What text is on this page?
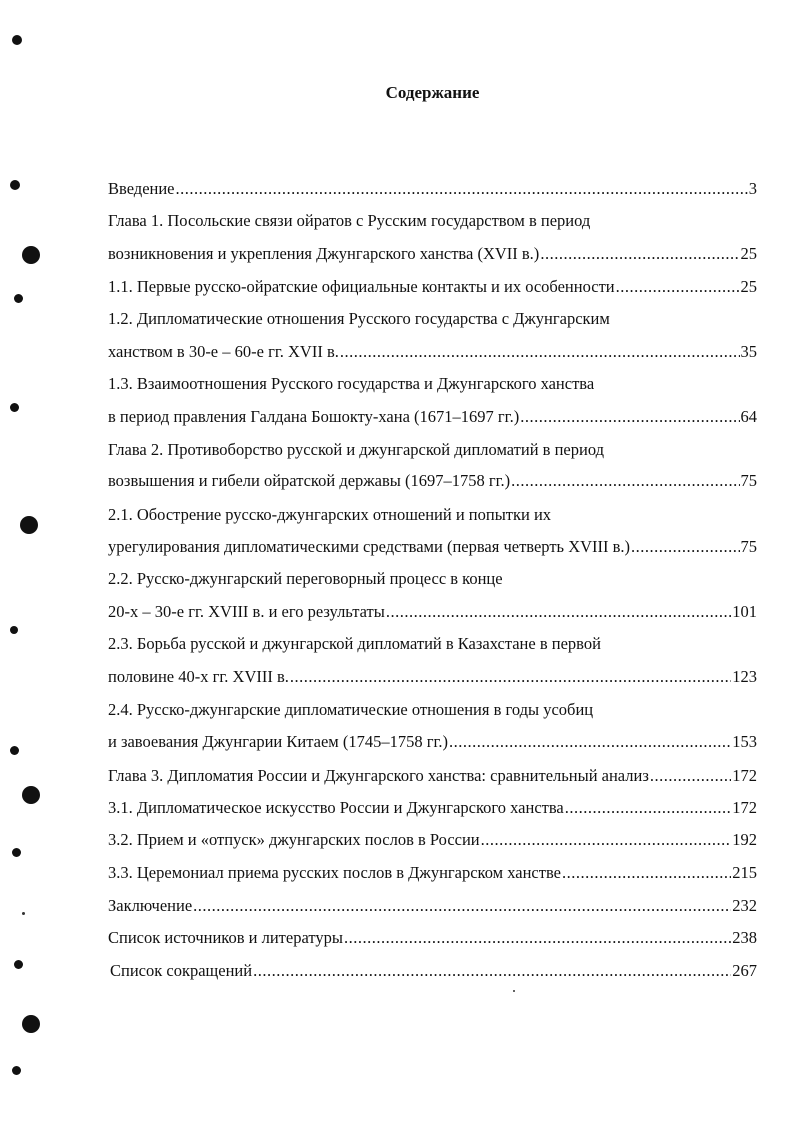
Содержание
Введение .....	3
Глава 1. Посольские связи ойратов с Русским государством в период
возникновения и укрепления Джунгарского ханства (XVII в.) .....	25
1.1. Первые русско-ойратские официальные контакты и их особенности .....	25
1.2. Дипломатические отношения Русского государства с Джунгарским
ханством в 30-е – 60-е гг. XVII в. .....	35
1.3. Взаимоотношения Русского государства и Джунгарского ханства
в период правления Галдана Бошокту-хана (1671–1697 гг.) .....	64
Глава 2. Противоборство русской и джунгарской дипломатий в период
возвышения и гибели ойратской державы (1697–1758 гг.) .....	75
2.1. Обострение русско-джунгарских отношений и попытки их
урегулирования дипломатическими средствами (первая четверть XVIII в.) .....	75
2.2. Русско-джунгарский переговорный процесс в конце
20-х – 30-е гг. XVIII в. и его результаты .....	101
2.3. Борьба русской и джунгарской дипломатий в Казахстане в первой
половине 40-х гг. XVIII в. .....	123
2.4. Русско-джунгарские дипломатические отношения в годы усобиц
и завоевания Джунгарии Китаем (1745–1758 гг.) .....	153
Глава 3. Дипломатия России и Джунгарского ханства: сравнительный анализ .....	172
3.1. Дипломатическое искусство России и Джунгарского ханства .....	172
3.2. Прием и «отпуск» джунгарских послов в России .....	192
3.3. Церемониал приема русских послов в Джунгарском ханстве .....	215
Заключение .....	232
Список источников и литературы .....	238
Список сокращений .....	267
